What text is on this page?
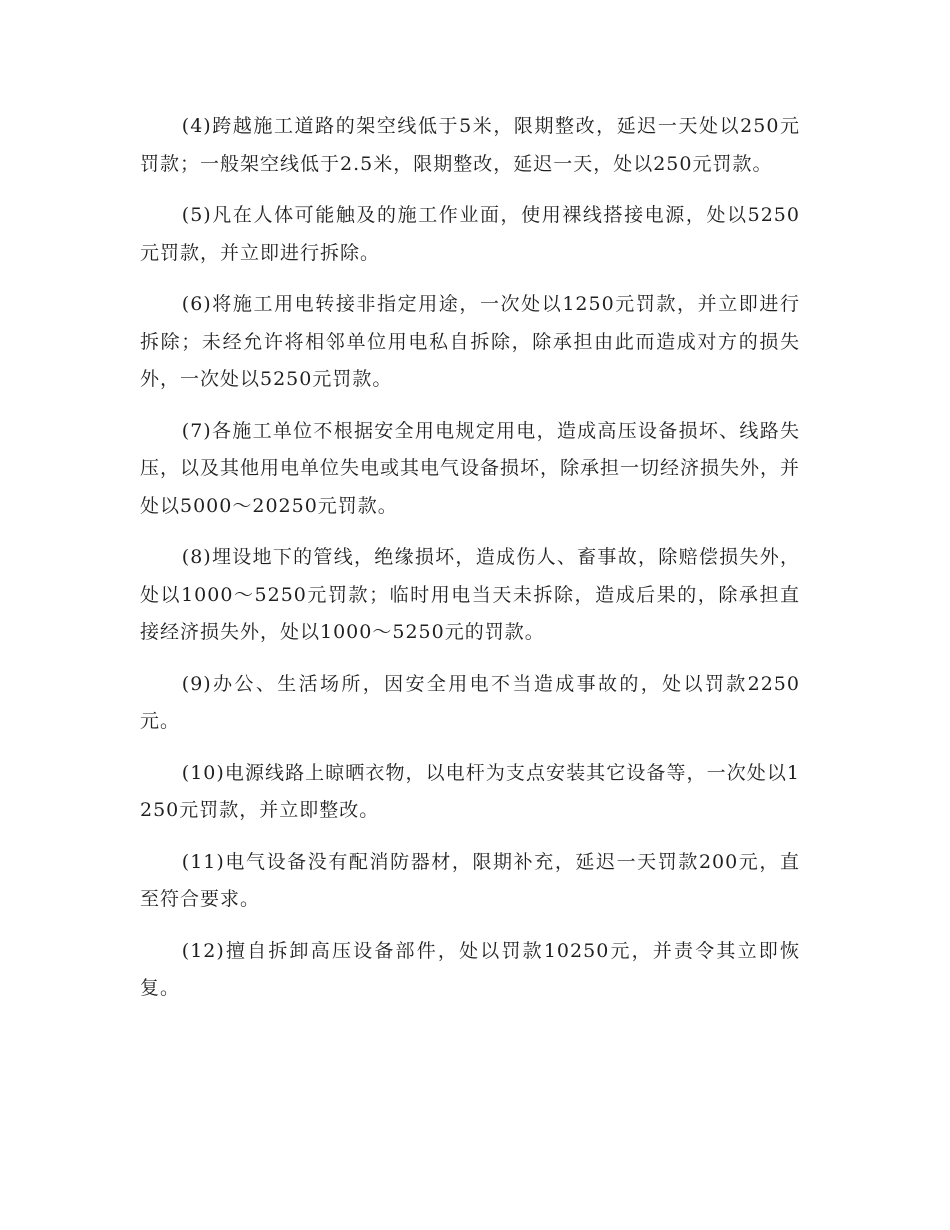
(4)跨越施工道路的架空线低于5米，限期整改，延迟一天处以250元罚款；一般架空线低于2.5米，限期整改，延迟一天，处以250元罚款。

(5)凡在人体可能触及的施工作业面，使用裸线搭接电源，处以5250元罚款，并立即进行拆除。

(6)将施工用电转接非指定用途，一次处以1250元罚款，并立即进行拆除；未经允许将相邻单位用电私自拆除，除承担由此而造成对方的损失外，一次处以5250元罚款。

(7)各施工单位不根据安全用电规定用电，造成高压设备损坏、线路失压，以及其他用电单位失电或其电气设备损坏，除承担一切经济损失外，并处以5000～20250元罚款。

(8)埋设地下的管线，绝缘损坏，造成伤人、畜事故，除赔偿损失外，处以1000～5250元罚款；临时用电当天未拆除，造成后果的，除承担直接经济损失外，处以1000～5250元的罚款。

(9)办公、生活场所，因安全用电不当造成事故的，处以罚款2250元。

(10)电源线路上晾晒衣物，以电杆为支点安装其它设备等，一次处以1250元罚款，并立即整改。

(11)电气设备没有配消防器材，限期补充，延迟一天罚款200元，直至符合要求。

(12)擅自拆卸高压设备部件，处以罚款10250元，并责令其立即恢复。
